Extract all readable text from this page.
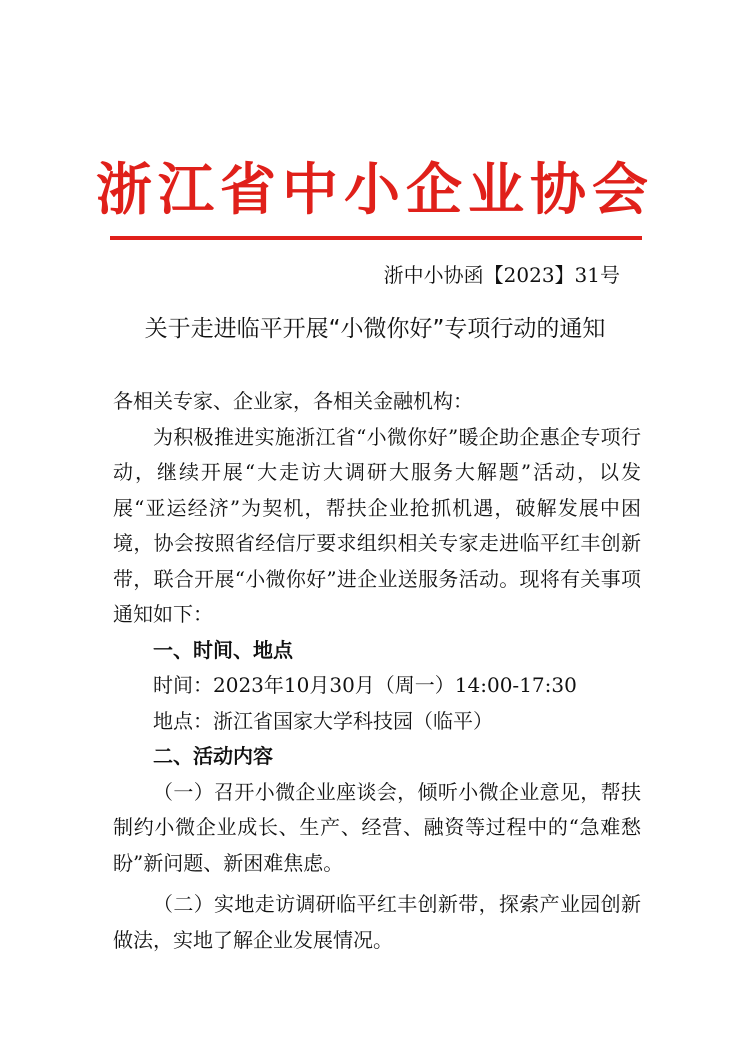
浙江省中小企业协会
浙中小协函【2023】31号
关于走进临平开展“小微你好”专项行动的通知

各相关专家、企业家，各相关金融机构：

为积极推进实施浙江省“小微你好”暖企助企惠企专项行动，继续开展“大走访大调研大服务大解题”活动，以发展“亚运经济”为契机，帮扶企业抢抓机遇，破解发展中困境，协会按照省经信厅要求组织相关专家走进临平红丰创新带，联合开展“小微你好”进企业送服务活动。现将有关事项通知如下：

一、时间、地点

时间：2023年10月30月（周一）14:00-17:30

地点：浙江省国家大学科技园（临平）

二、活动内容

（一）召开小微企业座谈会，倾听小微企业意见，帮扶制约小微企业成长、生产、经营、融资等过程中的“急难愁盼”新问题、新困难焦虑。

（二）实地走访调研临平红丰创新带，探索产业园创新做法，实地了解企业发展情况。
